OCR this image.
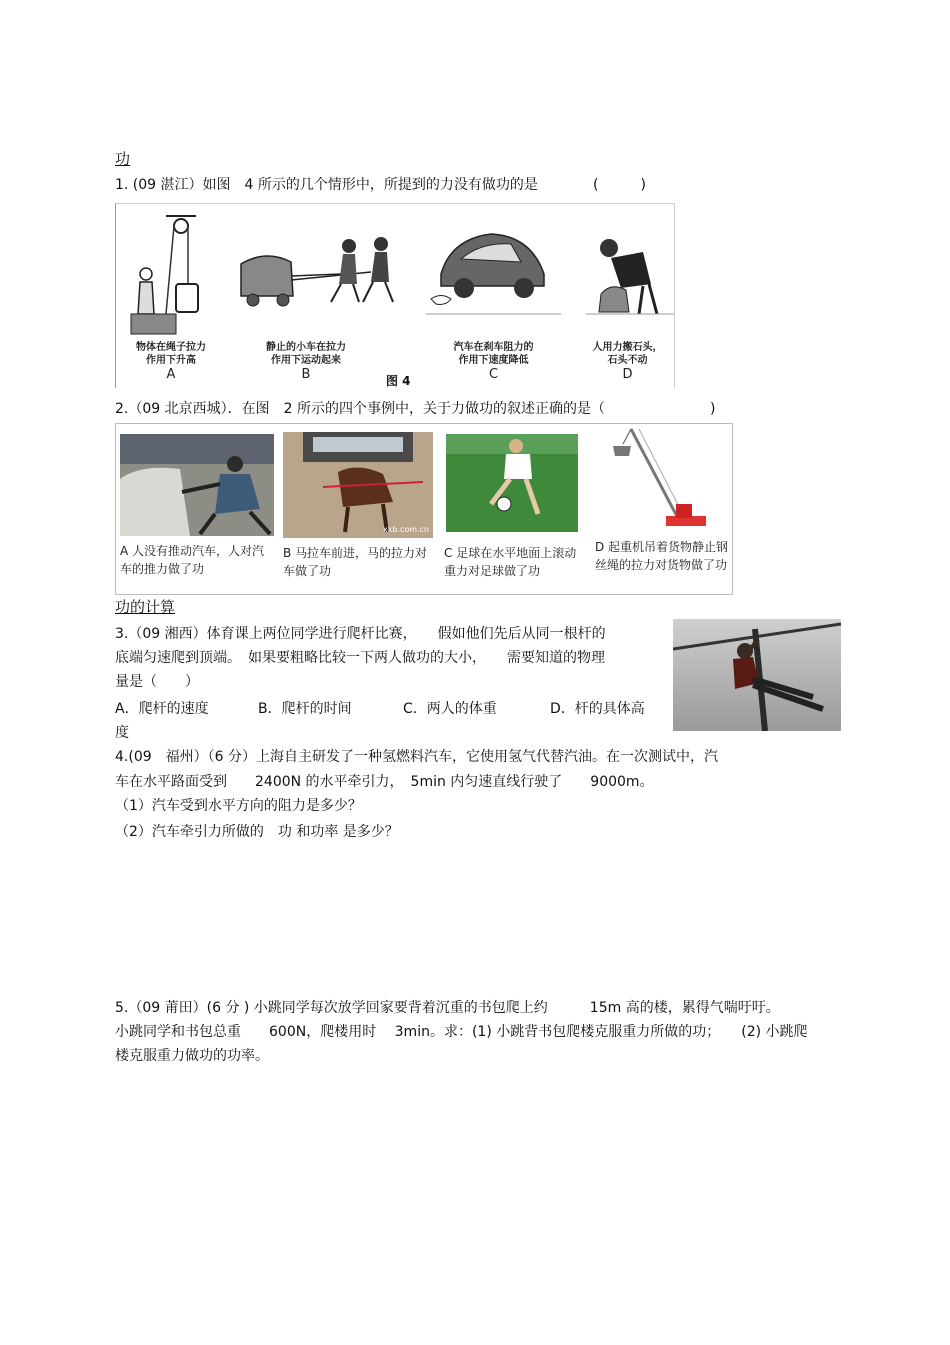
功
1. (09 湛江）如图　4 所示的几个情形中，所提到的力没有做功的是	(　　　)
物体在绳子拉力
作用下升高
A
静止的小车在拉力
作用下运动起来
B	图 4
汽车在刹车阻力的
作用下速度降低
C
人用力搬石头，
石头不动
D
2.（09 北京西城）．在图　2 所示的四个事例中，关于力做功的叙述正确的是（	)
A 人没有推动汽车，人对汽车的推力做了功
xkb.com.cn
B 马拉车前进，马的拉力对车做了功
C 足球在水平地面上滚动重力对足球做了功
D 起重机吊着货物静止钢丝绳的拉力对货物做了功
功的计算
3.（09 湘西）体育课上两位同学进行爬杆比赛，　　假如他们先后从同一根杆的
底端匀速爬到顶端。　如果要粗略比较一下两人做功的大小，　　需要知道的物理
量是（　　）
A．爬杆的速度	B．爬杆的时间	C．两人的体重	D．杆的具体高
度
4.(09　福州）（6 分）上海自主研发了一种氢燃料汽车，它使用氢气代替汽油。在一次测试中，汽
车在水平路面受到　　2400N 的水平牵引力，　5min 内匀速直线行驶了　　9000m。
（1）汽车受到水平方向的阻力是多少？
（2）汽车牵引力所做的　功 和功率 是多少？
5.（09 莆田）(6 分 ) 小跳同学每次放学回家要背着沉重的书包爬上约　　　15m 高的楼，累得气喘吁吁。
小跳同学和书包总重　　600N，爬楼用时　 3min。求：(1) 小跳背书包爬楼克服重力所做的功；　　(2) 小跳爬
楼克服重力做功的功率。
